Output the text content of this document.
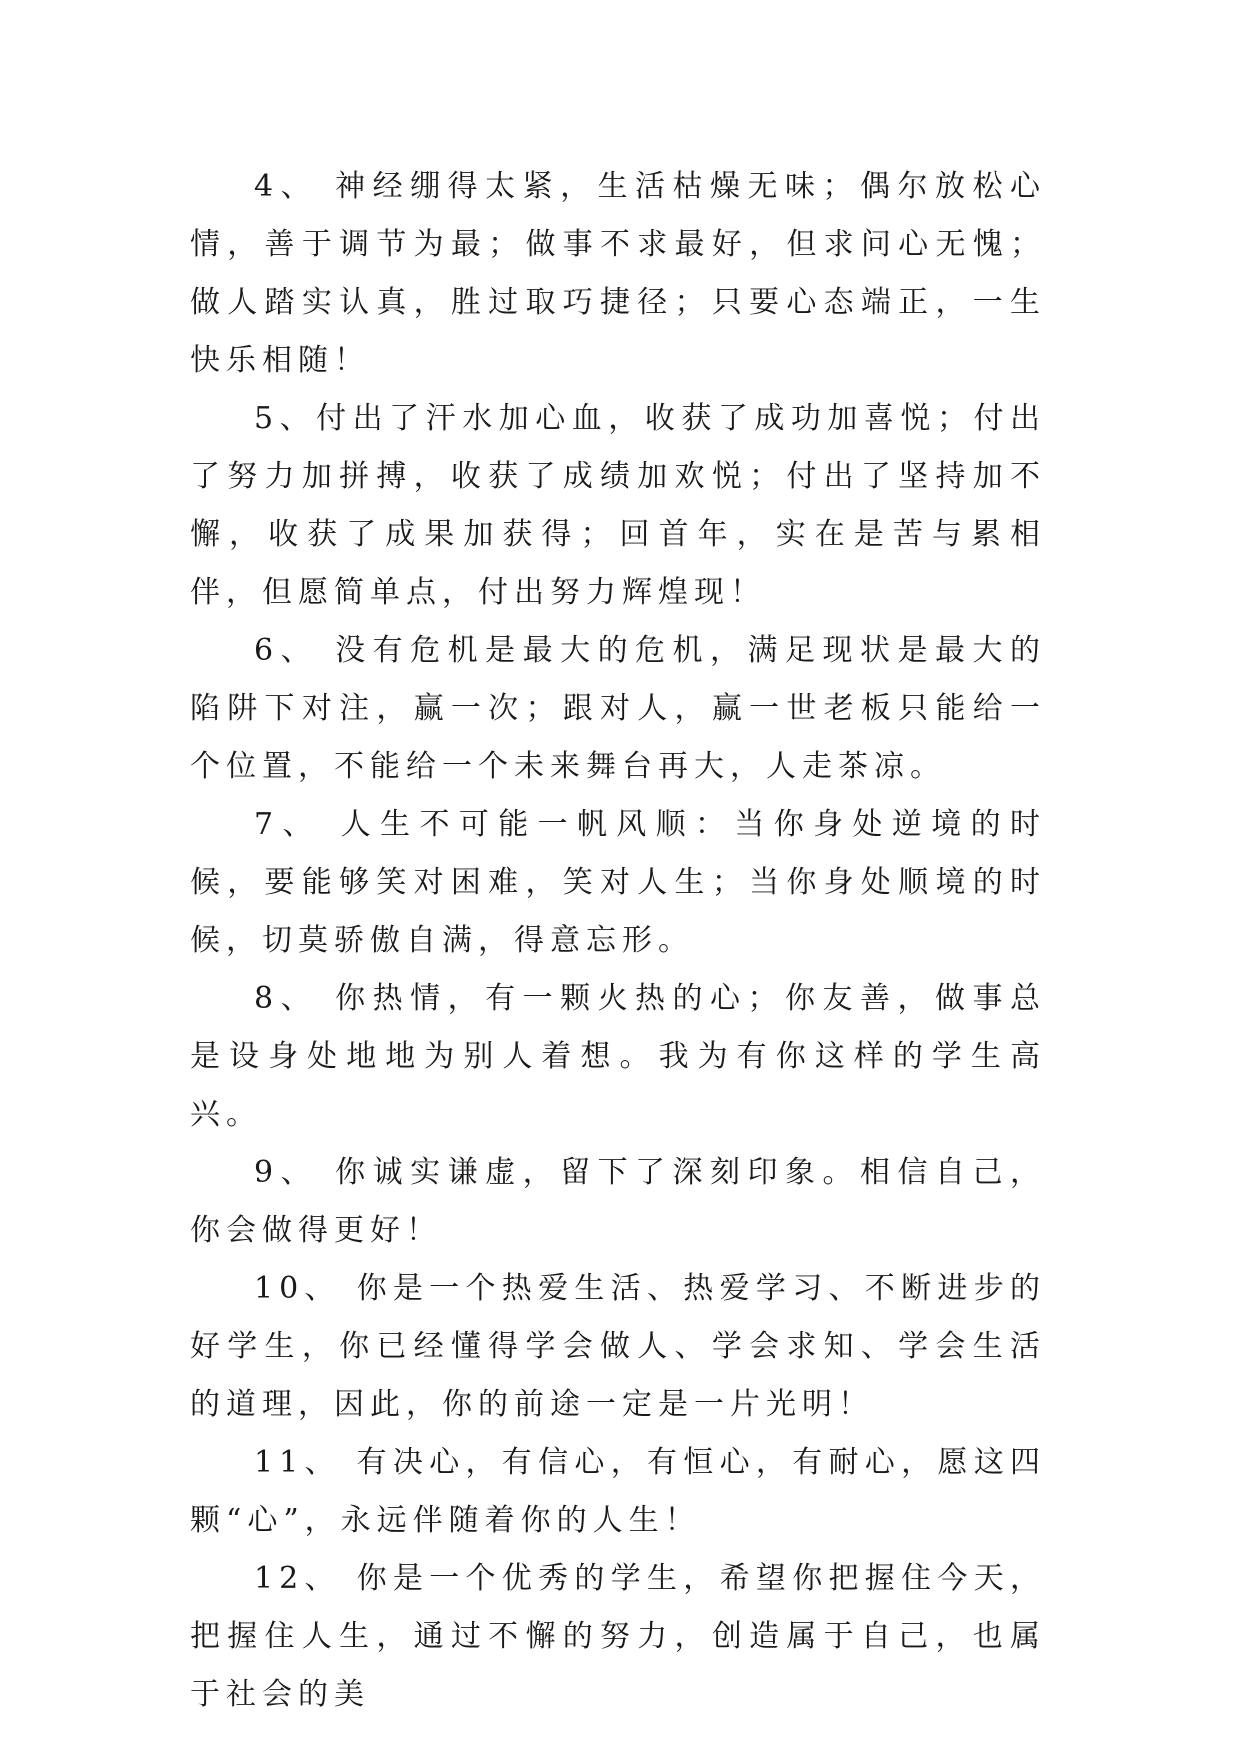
4、 神经绷得太紧，生活枯燥无味；偶尔放松心情，善于调节为最；做事不求最好，但求问心无愧；做人踏实认真，胜过取巧捷径；只要心态端正，一生快乐相随！

5、付出了汗水加心血，收获了成功加喜悦；付出了努力加拼搏，收获了成绩加欢悦；付出了坚持加不懈，收获了成果加获得；回首年，实在是苦与累相伴，但愿简单点，付出努力辉煌现！

6、 没有危机是最大的危机，满足现状是最大的陷阱下对注，赢一次；跟对人，赢一世老板只能给一个位置，不能给一个未来舞台再大，人走茶凉。

7、 人生不可能一帆风顺：当你身处逆境的时候，要能够笑对困难，笑对人生；当你身处顺境的时候，切莫骄傲自满，得意忘形。

8、 你热情，有一颗火热的心；你友善，做事总是设身处地地为别人着想。我为有你这样的学生高兴。

9、 你诚实谦虚，留下了深刻印象。相信自己，你会做得更好！

10、 你是一个热爱生活、热爱学习、不断进步的好学生，你已经懂得学会做人、学会求知、学会生活的道理，因此，你的前途一定是一片光明！

11、 有决心，有信心，有恒心，有耐心，愿这四颗“心”，永远伴随着你的人生！

12、 你是一个优秀的学生，希望你把握住今天，把握住人生，通过不懈的努力，创造属于自己，也属于社会的美
